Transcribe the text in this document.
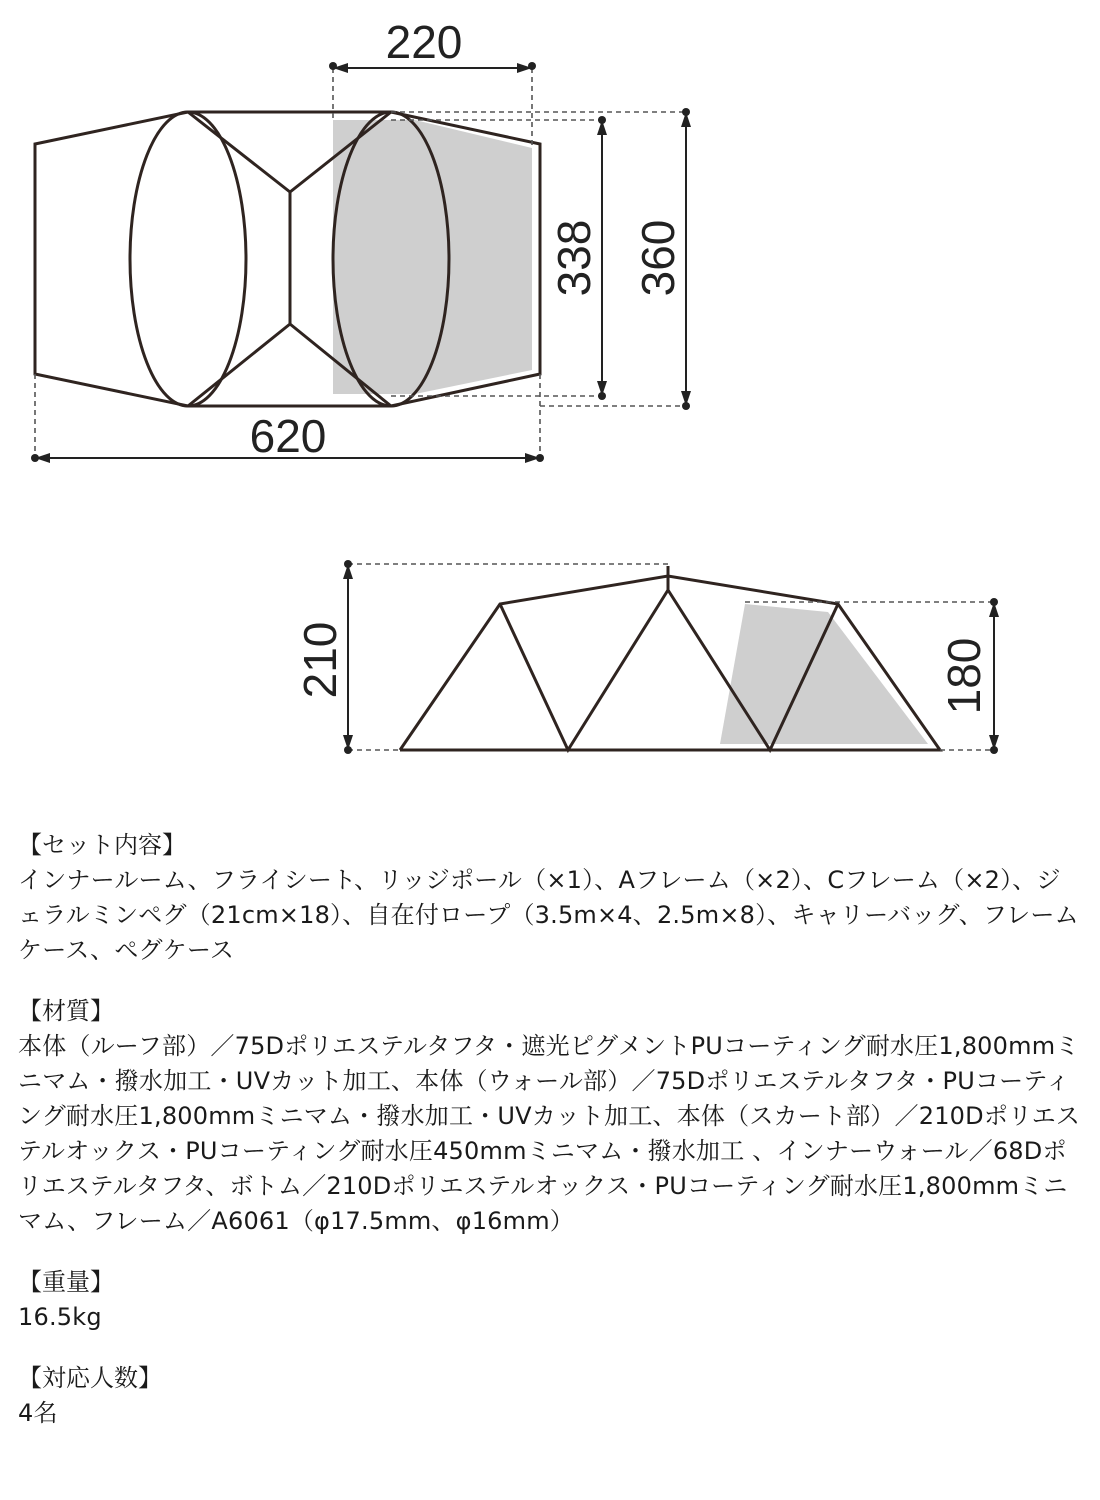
220
338 360
620
210	180

【セット内容】

インナールーム、フライシート、リッジポール（×1）、Aフレーム（×2）、Cフレーム（×2）、ジェラルミンペグ（21cm×18）、自在付ロープ（3.5m×4、2.5m×8）、キャリーバッグ、フレームケース、ペグケース

【材質】

本体（ルーフ部）／75Dポリエステルタフタ・遮光ピグメントPUコーティング耐水圧1,800mmミニマム・撥水加工・UVカット加工、本体（ウォール部）／75Dポリエステルタフタ・PUコーティング耐水圧1,800mmミニマム・撥水加工・UVカット加工、本体（スカート部）／210Dポリエステルオックス・PUコーティング耐水圧450mmミニマム・撥水加工 、インナーウォール／68Dポリエステルタフタ、ボトム／210Dポリエステルオックス・PUコーティング耐水圧1,800mmミニマム、フレーム／A6061（φ17.5mm、φ16mm）

【重量】

16.5kg

【対応人数】

4名
